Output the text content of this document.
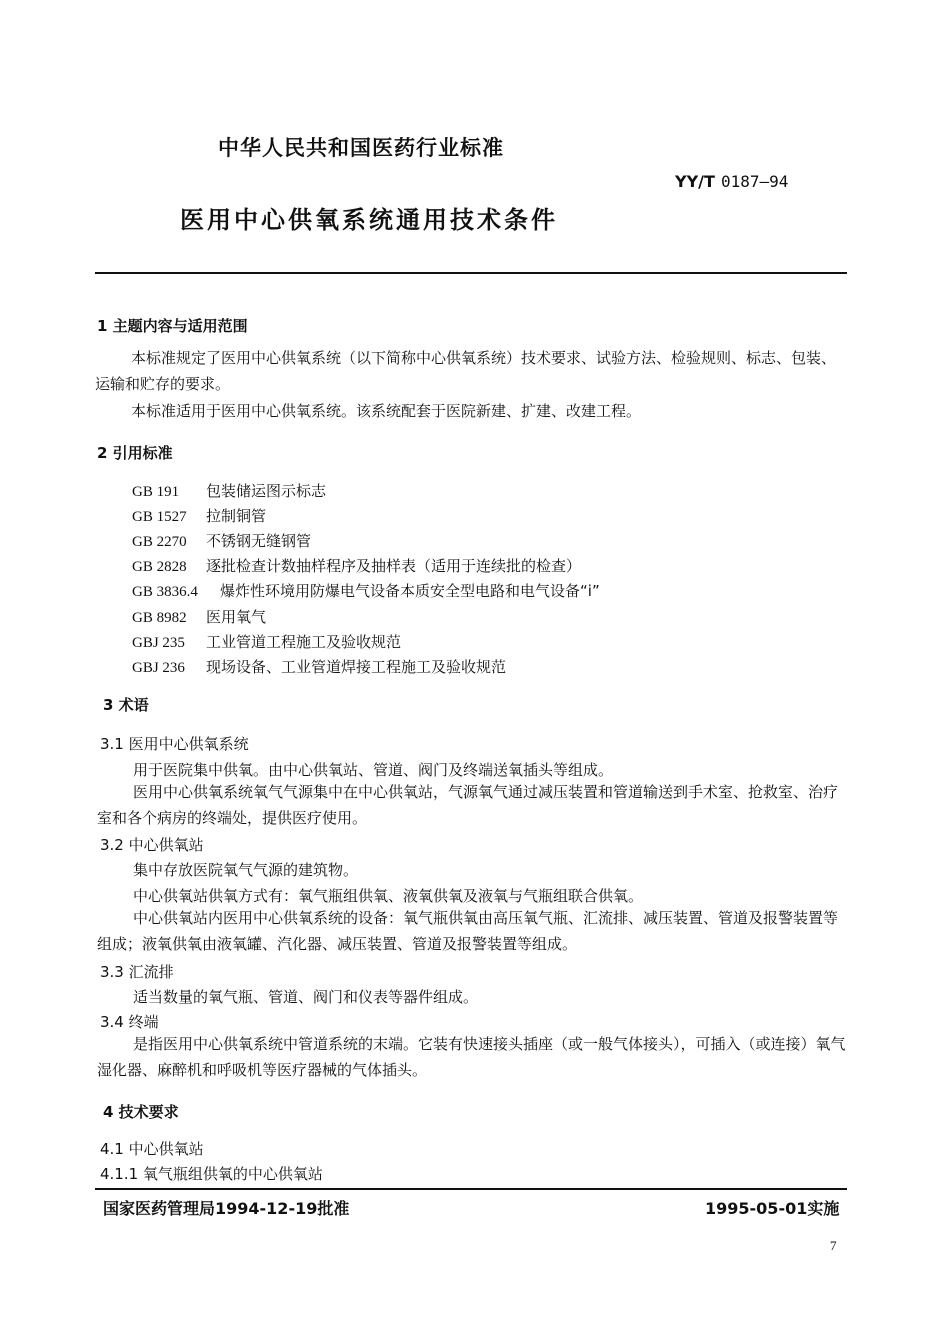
中华人民共和国医药行业标准
YY/T 0187—94
医用中心供氧系统通用技术条件
1 主题内容与适用范围
本标准规定了医用中心供氧系统（以下简称中心供氧系统）技术要求、试验方法、检验规则、标志、包装、运输和贮存的要求。
本标准适用于医用中心供氧系统。该系统配套于医院新建、扩建、改建工程。
2 引用标准
GB 191 包装储运图示标志
GB 1527 拉制铜管
GB 2270 不锈钢无缝钢管
GB 2828 逐批检查计数抽样程序及抽样表（适用于连续批的检查）
GB 3836.4 爆炸性环境用防爆电气设备本质安全型电路和电气设备“i”
GB 8982 医用氧气
GBJ 235 工业管道工程施工及验收规范
GBJ 236 现场设备、工业管道焊接工程施工及验收规范
3 术语
3.1 医用中心供氧系统
用于医院集中供氧。由中心供氧站、管道、阀门及终端送氧插头等组成。
医用中心供氧系统氧气气源集中在中心供氧站，气源氧气通过减压装置和管道输送到手术室、抢救室、治疗室和各个病房的终端处，提供医疗使用。
3.2 中心供氧站
集中存放医院氧气气源的建筑物。
中心供氧站供氧方式有：氧气瓶组供氧、液氧供氧及液氧与气瓶组联合供氧。
中心供氧站内医用中心供氧系统的设备：氧气瓶供氧由高压氧气瓶、汇流排、减压装置、管道及报警装置等组成；液氧供氧由液氧罐、汽化器、减压装置、管道及报警装置等组成。
3.3 汇流排
适当数量的氧气瓶、管道、阀门和仪表等器件组成。
3.4 终端
是指医用中心供氧系统中管道系统的末端。它装有快速接头插座（或一般气体接头），可插入（或连接）氧气湿化器、麻醉机和呼吸机等医疗器械的气体插头。
4 技术要求
4.1 中心供氧站
4.1.1 氧气瓶组供氧的中心供氧站
国家医药管理局1994-12-19批准	1995-05-01实施
7
